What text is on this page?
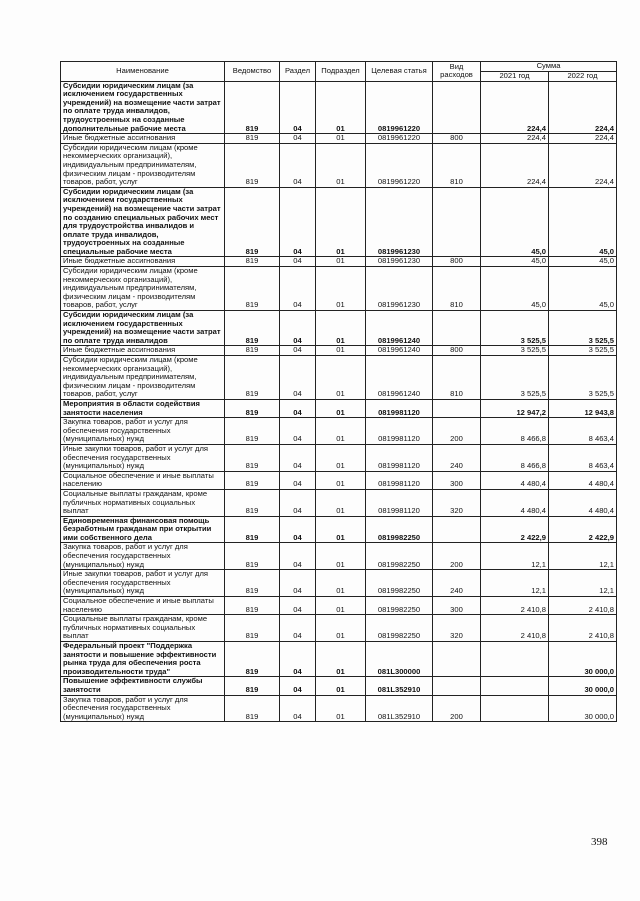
Наименование	Ведомство	Раздел	Подраздел	Целевая статья	Вид расходов	Сумма	
						2021 год	2022 год
Субсидии юридическим лицам (за исключением государственных учреждений) на возмещение части затрат по оплате труда инвалидов, трудоустроенных на созданные дополнительные рабочие места	819	04	01	0819961220		224,4	224,4
Иные бюджетные ассигнования	819	04	01	0819961220	800	224,4	224,4
Субсидии юридическим лицам (кроме некоммерческих организаций), индивидуальным предпринимателям, физическим лицам - производителям товаров, работ, услуг	819	04	01	0819961220	810	224,4	224,4
Субсидии юридическим лицам (за исключением государственных учреждений) на возмещение части затрат по созданию специальных рабочих мест для трудоустройства инвалидов и оплате труда инвалидов, трудоустроенных на созданные специальные рабочие места	819	04	01	0819961230		45,0	45,0
Иные бюджетные ассигнования	819	04	01	0819961230	800	45,0	45,0
Субсидии юридическим лицам (кроме некоммерческих организаций), индивидуальным предпринимателям, физическим лицам - производителям товаров, работ, услуг	819	04	01	0819961230	810	45,0	45,0
Субсидии юридическим лицам (за исключением государственных учреждений) на возмещение части затрат по оплате труда инвалидов	819	04	01	0819961240		3 525,5	3 525,5
Иные бюджетные ассигнования	819	04	01	0819961240	800	3 525,5	3 525,5
Субсидии юридическим лицам (кроме некоммерческих организаций), индивидуальным предпринимателям, физическим лицам - производителям товаров, работ, услуг	819	04	01	0819961240	810	3 525,5	3 525,5
Мероприятия в области содействия занятости населения	819	04	01	0819981120		12 947,2	12 943,8
Закупка товаров, работ и услуг для обеспечения государственных (муниципальных) нужд	819	04	01	0819981120	200	8 466,8	8 463,4
Иные закупки товаров, работ и услуг для обеспечения государственных (муниципальных) нужд	819	04	01	0819981120	240	8 466,8	8 463,4
Социальное обеспечение и иные выплаты населению	819	04	01	0819981120	300	4 480,4	4 480,4
Социальные выплаты гражданам, кроме публичных нормативных социальных выплат	819	04	01	0819981120	320	4 480,4	4 480,4
Единовременная финансовая помощь безработным гражданам при открытии ими собственного дела	819	04	01	0819982250		2 422,9	2 422,9
Закупка товаров, работ и услуг для обеспечения государственных (муниципальных) нужд	819	04	01	0819982250	200	12,1	12,1
Иные закупки товаров, работ и услуг для обеспечения государственных (муниципальных) нужд	819	04	01	0819982250	240	12,1	12,1
Социальное обеспечение и иные выплаты населению	819	04	01	0819982250	300	2 410,8	2 410,8
Социальные выплаты гражданам, кроме публичных нормативных социальных выплат	819	04	01	0819982250	320	2 410,8	2 410,8
Федеральный проект "Поддержка занятости и повышение эффективности рынка труда для обеспечения роста производительности труда"	819	04	01	081L300000			30 000,0
Повышение эффективности службы занятости	819	04	01	081L352910			30 000,0
Закупка товаров, работ и услуг для обеспечения государственных (муниципальных) нужд	819	04	01	081L352910	200		30 000,0
398
